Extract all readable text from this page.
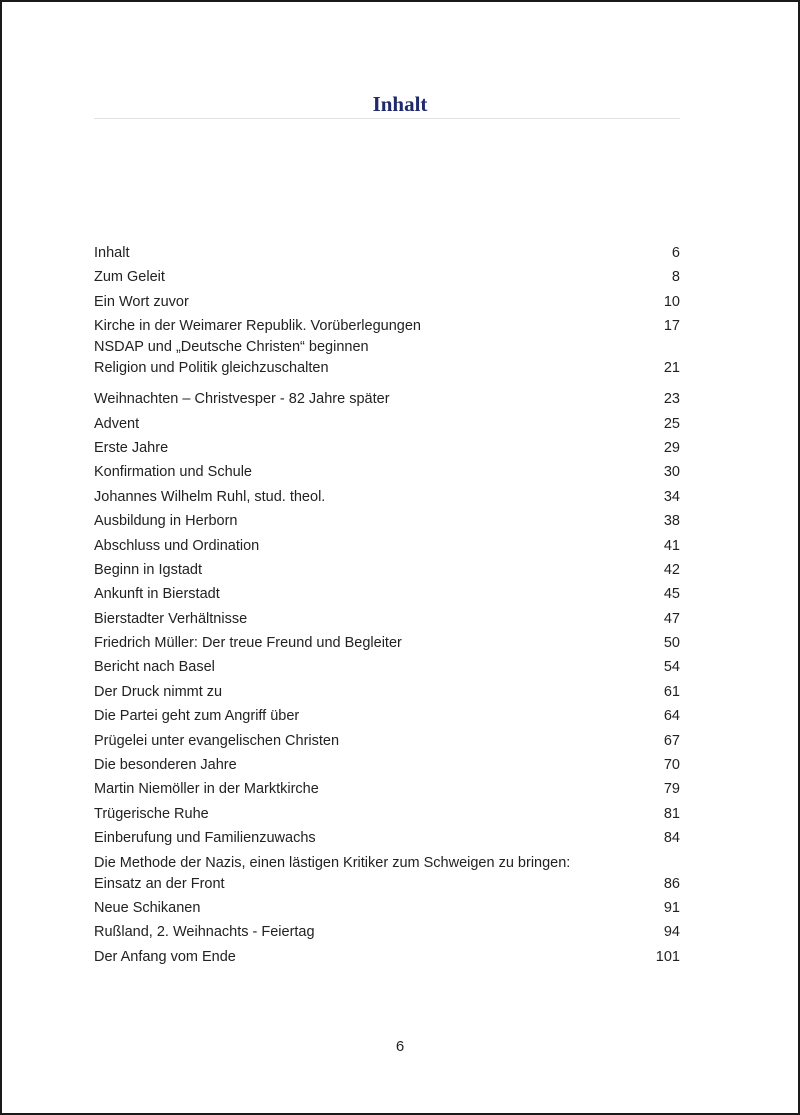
Inhalt
Inhalt	6
Zum Geleit	8
Ein Wort zuvor	10
Kirche in der Weimarer Republik. Vorüberlegungen	17
NSDAP und „Deutsche Christen“ beginnen
Religion und Politik gleichzuschalten	21
Weihnachten – Christvesper - 82 Jahre später	23
Advent	25
Erste Jahre	29
Konfirmation und Schule	30
Johannes Wilhelm Ruhl, stud. theol.	34
Ausbildung in Herborn	38
Abschluss und Ordination	41
Beginn in Igstadt	42
Ankunft in Bierstadt	45
Bierstadter Verhältnisse	47
Friedrich Müller: Der treue Freund und Begleiter	50
Bericht nach Basel	54
Der Druck nimmt zu	61
Die Partei geht zum Angriff über	64
Prügelei unter evangelischen Christen	67
Die besonderen Jahre	70
Martin Niemöller in der Marktkirche	79
Trügerische Ruhe	81
Einberufung und Familienzuwachs	84
Die Methode der Nazis, einen lästigen Kritiker zum Schweigen zu bringen:
Einsatz an der Front	86
Neue Schikanen	91
Rußland, 2. Weihnachts - Feiertag	94
Der Anfang vom Ende	101
6
